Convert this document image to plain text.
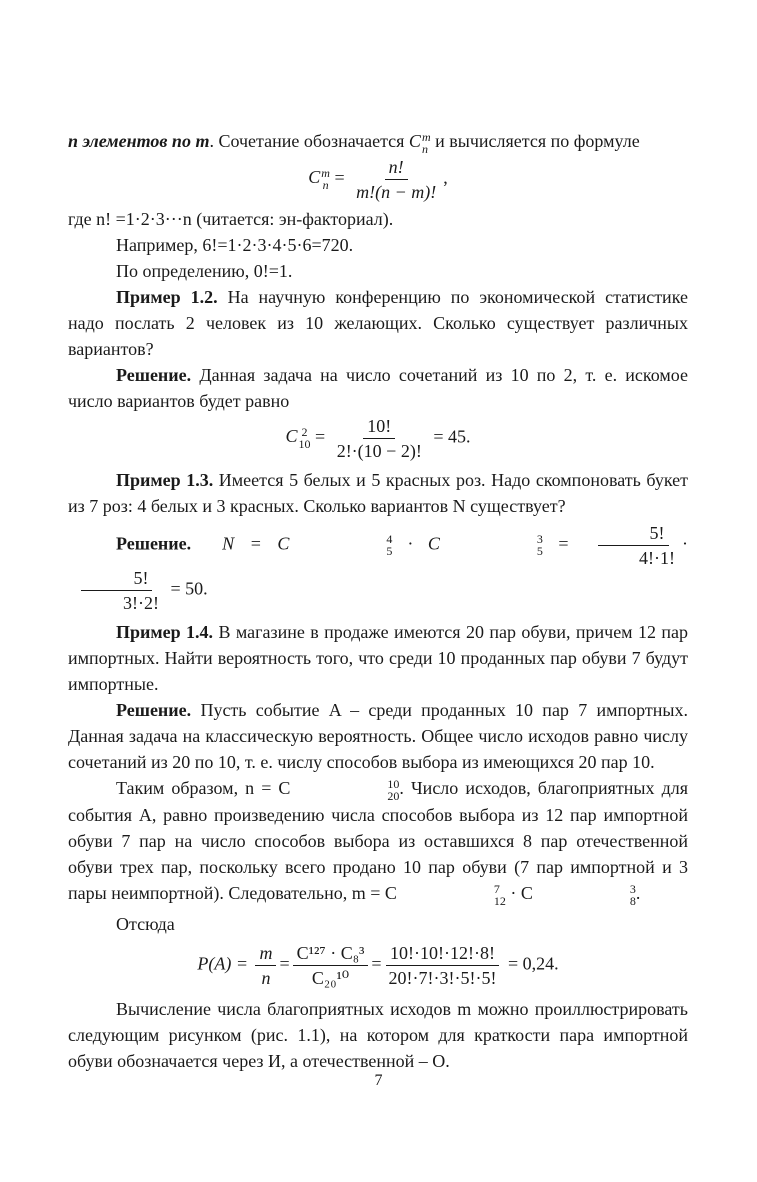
n элементов по m. Сочетание обозначается C m
n и вычисляется по формуле

C m
$n = \frac{n!}{m!(n - m)!}$ ,

где n! =1·2·3···n (читается: эн-факториал).

Например, 6!=1·2·3·4·5·6=720.

По определению, 0!=1.

Пример 1.2. На научную конференцию по экономической статистике надо послать 2 человек из 10 желающих. Сколько существует различных вариантов?

Решение. Данная задача на число сочетаний из 10 по 2, т. е. искомое число вариантов будет равно

C 2
$10 = \frac{10!}{2!\cdot(10 - 2)!} = 45$.

Пример 1.3. Имеется 5 белых и 5 красных роз. Надо скомпоновать букет из 7 роз: 4 белых и 3 красных. Сколько вариантов N существует?

Решение. N = C	4
5 · C	3
$5 = \frac{5!}{4!\cdot 1!}$ ·
$\frac{5!}{3!\cdot 2!} = 50$.

Пример 1.4. В магазине в продаже имеются 20 пар обуви, причем 12 пар импортных. Найти вероятность того, что среди 10 проданных пар обуви 7 будут импортные.

Решение. Пусть событие A – среди проданных 10 пар 7 импортных. Данная задача на классическую вероятность. Общее число исходов равно числу сочетаний из 20 по 10, т. е. числу способов выбора из имеющихся 20 пар 10.

Таким образом, n = C	10
20 . Число исходов, благоприятных для события A, равно произведению числа способов выбора из 12 пар импортной обуви 7 пар на число способов выбора из оставшихся 8 пар отечественной обуви трех пар, поскольку всего продано 10 пар обуви (7 пар импортной и 3 пары неимпортной). Следовательно, m = C	7
12 · C	3
8 .

Отсюда

$P(A) = \frac{m}{n} = \frac{\text{C¹²⁷ · C₈³}}{\text{C₂₀¹⁰}} = \frac{10!\cdot 10!\cdot 12!\cdot 8!}{20!\cdot 7!\cdot 3!\cdot 5!\cdot 5!} = 0,24$.

Вычисление числа благоприятных исходов m можно проиллюстрировать следующим рисунком (рис. 1.1), на котором для краткости пара импортной обуви обозначается через И, а отечественной – О.

7
